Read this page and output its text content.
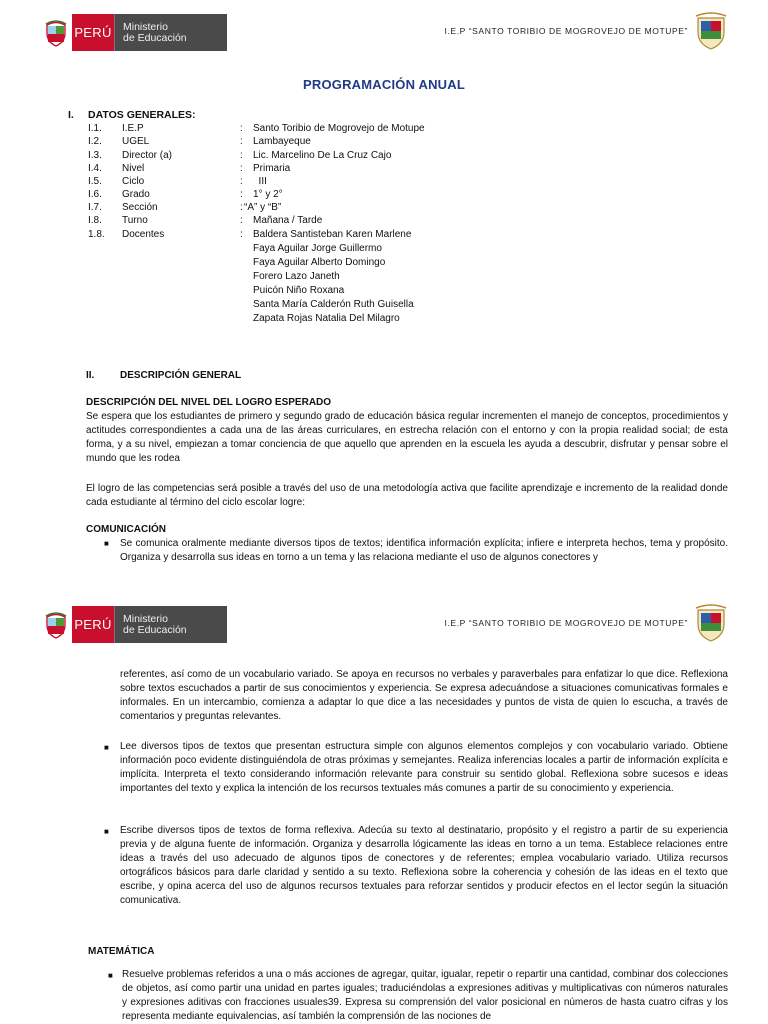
PERÚ Ministerio
de Educación
I.E.P “SANTO TORIBIO DE MOGROVEJO DE MOTUPE”
PROGRAMACIÓN ANUAL
I. DATOS GENERALES:
I.1.	I.E.P	:	Santo Toribio de Mogrovejo de Motupe
I.2.	UGEL	:	Lambayeque
I.3.	Director (a)	:	Lic. Marcelino De La Cruz Cajo
I.4.	Nivel	:	Primaria
I.5.	Ciclo	:	III
I.6.	Grado	:	1° y 2°
I.7.	Sección	: “A” y “B”
I.8.	Turno	:	Mañana / Tarde
1.8.	Docentes	:	Baldera Santisteban Karen Marlene
Faya Aguilar Jorge Guillermo
Faya Aguilar Alberto Domingo
Forero Lazo Janeth
Puicón Niño Roxana
Santa María Calderón Ruth Guisella
Zapata Rojas Natalia Del Milagro
II.	DESCRIPCIÓN GENERAL
DESCRIPCIÓN DEL NIVEL DEL LOGRO ESPERADO
Se espera que los estudiantes de primero y segundo grado de educación básica regular incrementen el manejo de conceptos, procedimientos y actitudes correspondientes a cada una de las áreas curriculares, en estrecha relación con el entorno y con la propia realidad social; de esta forma, y a su nivel, empiezan a tomar conciencia de que aquello que aprenden en la escuela les ayuda a descubrir, disfrutar y pensar sobre el mundo que les rodea
El logro de las competencias será posible a través del uso de una metodología activa que facilite aprendizaje e incremento de la realidad donde cada estudiante al término del ciclo escolar logre:
COMUNICACIÓN
■	Se comunica oralmente mediante diversos tipos de textos; identifica información explícita; infiere e interpreta hechos, tema y propósito. Organiza y desarrolla sus ideas en torno a un tema y las relaciona mediante el uso de algunos conectores y
PERÚ Ministerio
de Educación
I.E.P “SANTO TORIBIO DE MOGROVEJO DE MOTUPE”
referentes, así como de un vocabulario variado. Se apoya en recursos no verbales y paraverbales para enfatizar lo que dice. Reflexiona sobre textos escuchados a partir de sus conocimientos y experiencia. Se expresa adecuándose a situaciones comunicativas formales e informales. En un intercambio, comienza a adaptar lo que dice a las necesidades y puntos de vista de quien lo escucha, a través de comentarios y preguntas relevantes.
■	Lee diversos tipos de textos que presentan estructura simple con algunos elementos complejos y con vocabulario variado. Obtiene información poco evidente distinguiéndola de otras próximas y semejantes. Realiza inferencias locales a partir de información explícita e implícita. Interpreta el texto considerando información relevante para construir su sentido global. Reflexiona sobre sucesos e ideas importantes del texto y explica la intención de los recursos textuales más comunes a partir de su conocimiento y experiencia.
■	Escribe diversos tipos de textos de forma reflexiva. Adecúa su texto al destinatario, propósito y el registro a partir de su experiencia previa y de alguna fuente de información. Organiza y desarrolla lógicamente las ideas en torno a un tema. Establece relaciones entre ideas a través del uso adecuado de algunos tipos de conectores y de referentes; emplea vocabulario variado. Utiliza recursos ortográficos básicos para darle claridad y sentido a su texto. Reflexiona sobre la coherencia y cohesión de las ideas en el texto que escribe, y opina acerca del uso de algunos recursos textuales para reforzar sentidos y producir efectos en el lector según la situación comunicativa.
MATEMÁTICA
■ Resuelve problemas referidos a una o más acciones de agregar, quitar, igualar, repetir o repartir una cantidad, combinar dos colecciones de objetos, así como partir una unidad en partes iguales; traduciéndolas a expresiones aditivas y multiplicativas con números naturales y expresiones aditivas con fracciones usuales39. Expresa su comprensión del valor posicional en números de hasta cuatro cifras y los representa mediante equivalencias, así también la comprensión de las nociones de
